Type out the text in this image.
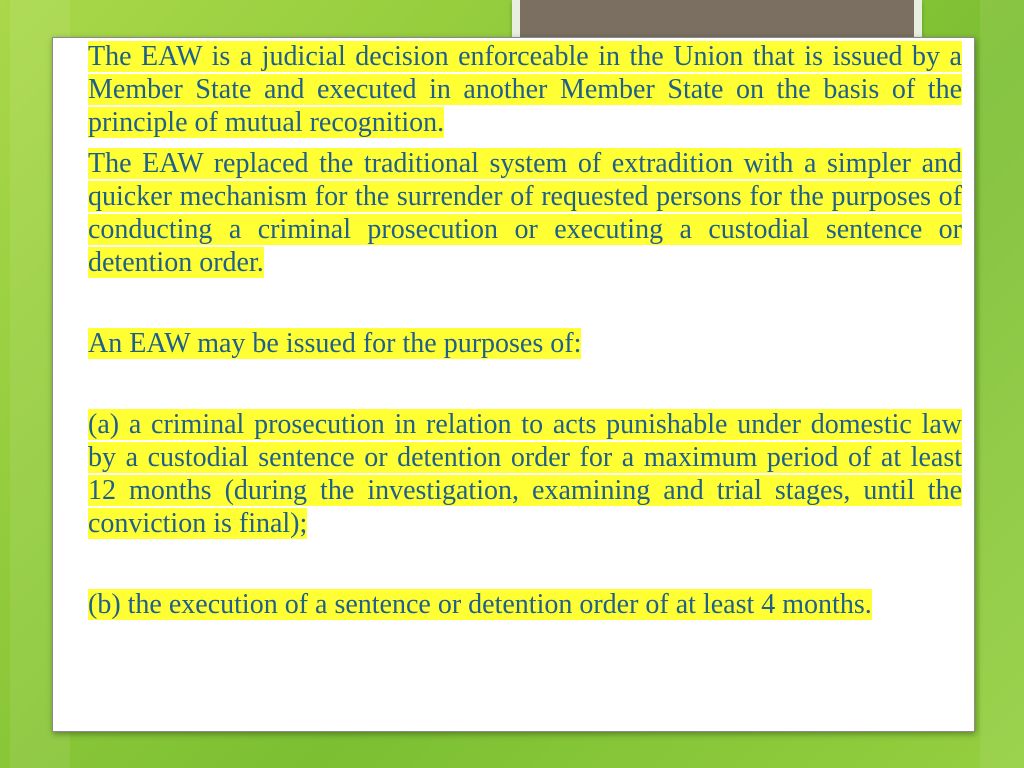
The EAW is a judicial decision enforceable in the Union that is issued by a Member State and executed in another Member State on the basis of the principle of mutual recognition.

The EAW replaced the traditional system of extradition with a simpler and quicker mechanism for the surrender of requested persons for the purposes of conducting a criminal prosecution or executing a custodial sentence or detention order.

An EAW may be issued for the purposes of:

(a) a criminal prosecution in relation to acts punishable under domestic law by a custodial sentence or detention order for a maximum period of at least 12 months (during the investigation, examining and trial stages, until the conviction is final);

(b) the execution of a sentence or detention order of at least 4 months.
